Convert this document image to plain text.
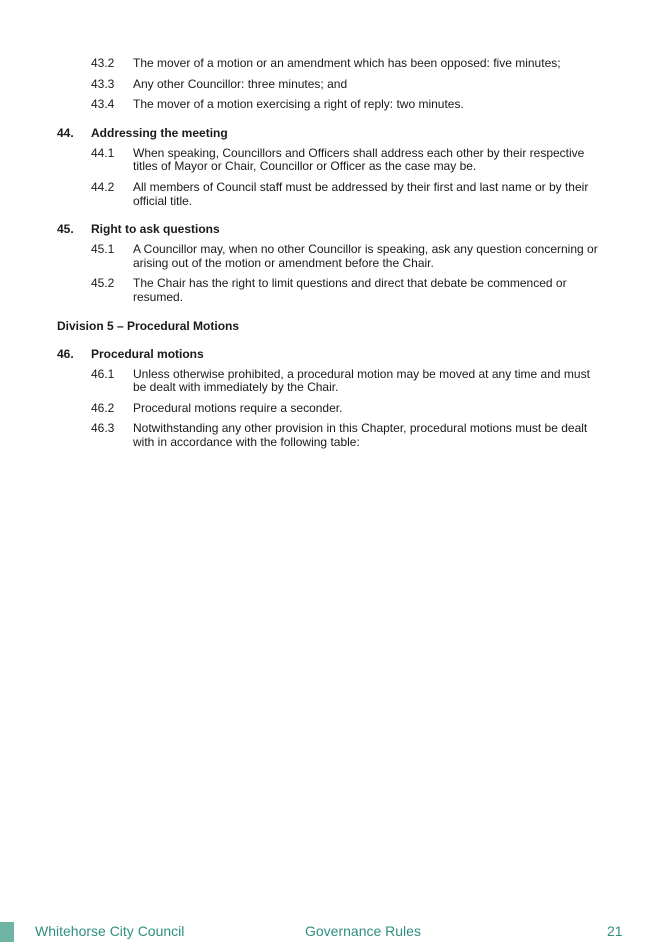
43.2 The mover of a motion or an amendment which has been opposed: five minutes;
43.3 Any other Councillor: three minutes; and
43.4 The mover of a motion exercising a right of reply: two minutes.
44. Addressing the meeting
44.1 When speaking, Councillors and Officers shall address each other by their respective titles of Mayor or Chair, Councillor or Officer as the case may be.
44.2 All members of Council staff must be addressed by their first and last name or by their official title.
45. Right to ask questions
45.1 A Councillor may, when no other Councillor is speaking, ask any question concerning or arising out of the motion or amendment before the Chair.
45.2 The Chair has the right to limit questions and direct that debate be commenced or resumed.
Division 5 – Procedural Motions
46. Procedural motions
46.1 Unless otherwise prohibited, a procedural motion may be moved at any time and must be dealt with immediately by the Chair.
46.2 Procedural motions require a seconder.
46.3 Notwithstanding any other provision in this Chapter, procedural motions must be dealt with in accordance with the following table:
Whitehorse City Council	Governance Rules	21
